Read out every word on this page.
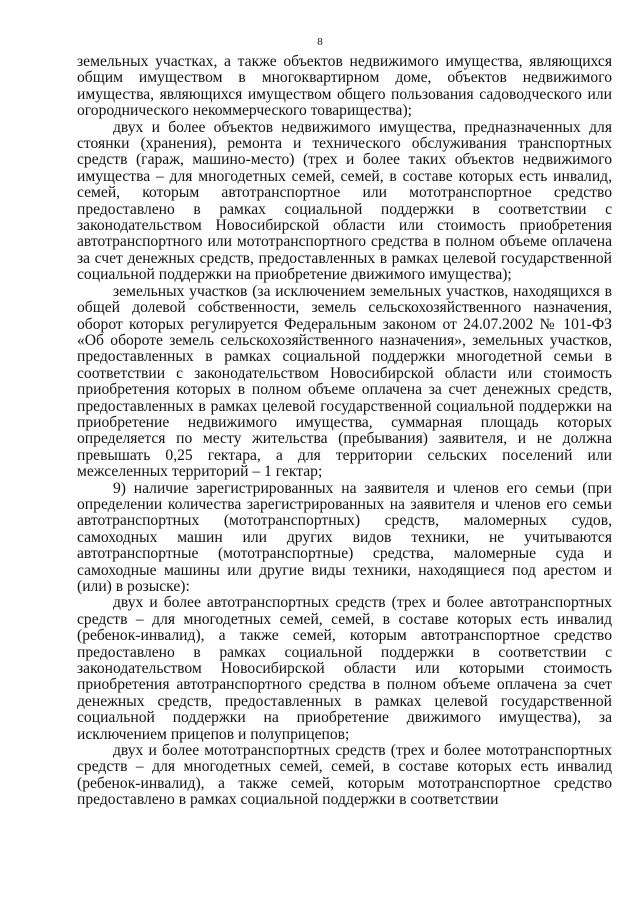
8

земельных участках, а также объектов недвижимого имущества, являющихся общим имуществом в многоквартирном доме, объектов недвижимого имущества, являющихся имуществом общего пользования садоводческого или огороднического некоммерческого товарищества);

двух и более объектов недвижимого имущества, предназначенных для стоянки (хранения), ремонта и технического обслуживания транспортных средств (гараж, машино-место) (трех и более таких объектов недвижимого имущества – для многодетных семей, семей, в составе которых есть инвалид, семей, которым автотранспортное или мототранспортное средство предоставлено в рамках социальной поддержки в соответствии с законодательством Новосибирской области или стоимость приобретения автотранспортного или мототранспортного средства в полном объеме оплачена за счет денежных средств, предоставленных в рамках целевой государственной социальной поддержки на приобретение движимого имущества);

земельных участков (за исключением земельных участков, находящихся в общей долевой собственности, земель сельскохозяйственного назначения, оборот которых регулируется Федеральным законом от 24.07.2002 № 101-ФЗ «Об обороте земель сельскохозяйственного назначения», земельных участков, предоставленных в рамках социальной поддержки многодетной семьи в соответствии с законодательством Новосибирской области или стоимость приобретения которых в полном объеме оплачена за счет денежных средств, предоставленных в рамках целевой государственной социальной поддержки на приобретение недвижимого имущества, суммарная площадь которых определяется по месту жительства (пребывания) заявителя, и не должна превышать 0,25 гектара, а для территории сельских поселений или межселенных территорий – 1 гектар;

9) наличие зарегистрированных на заявителя и членов его семьи (при определении количества зарегистрированных на заявителя и членов его семьи автотранспортных (мототранспортных) средств, маломерных судов, самоходных машин или других видов техники, не учитываются автотранспортные (мототранспортные) средства, маломерные суда и самоходные машины или другие виды техники, находящиеся под арестом и (или) в розыске):

двух и более автотранспортных средств (трех и более автотранспортных средств – для многодетных семей, семей, в составе которых есть инвалид (ребенок-инвалид), а также семей, которым автотранспортное средство предоставлено в рамках социальной поддержки в соответствии с законодательством Новосибирской области или которыми стоимость приобретения автотранспортного средства в полном объеме оплачена за счет денежных средств, предоставленных в рамках целевой государственной социальной поддержки на приобретение движимого имущества), за исключением прицепов и полуприцепов;

двух и более мототранспортных средств (трех и более мототранспортных средств – для многодетных семей, семей, в составе которых есть инвалид (ребенок-инвалид), а также семей, которым мототранспортное средство предоставлено в рамках социальной поддержки в соответствии
